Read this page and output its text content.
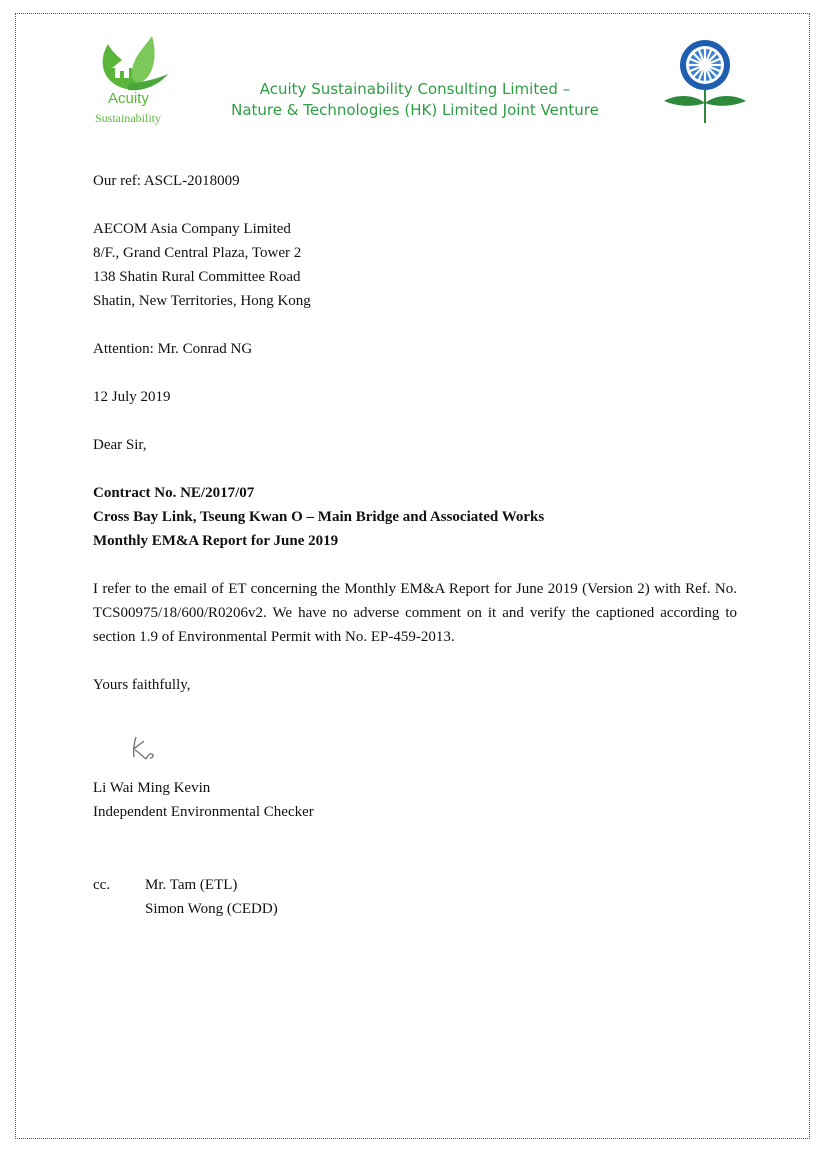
Acuity
Sustainability
Acuity Sustainability Consulting Limited –
Nature & Technologies (HK) Limited Joint Venture
Our ref: ASCL-2018009
AECOM Asia Company Limited
8/F., Grand Central Plaza, Tower 2
138 Shatin Rural Committee Road
Shatin, New Territories, Hong Kong
Attention: Mr. Conrad NG
12 July 2019
Dear Sir,
Contract No. NE/2017/07
Cross Bay Link, Tseung Kwan O – Main Bridge and Associated Works
Monthly EM&A Report for June 2019
I refer to the email of ET concerning the Monthly EM&A Report for June 2019 (Version 2) with Ref. No. TCS00975/18/600/R0206v2. We have no adverse comment on it and verify the captioned according to section 1.9 of Environmental Permit with No. EP-459-2013.
Yours faithfully,
Li Wai Ming Kevin
Independent Environmental Checker
cc. Mr. Tam (ETL)
Simon Wong (CEDD)
